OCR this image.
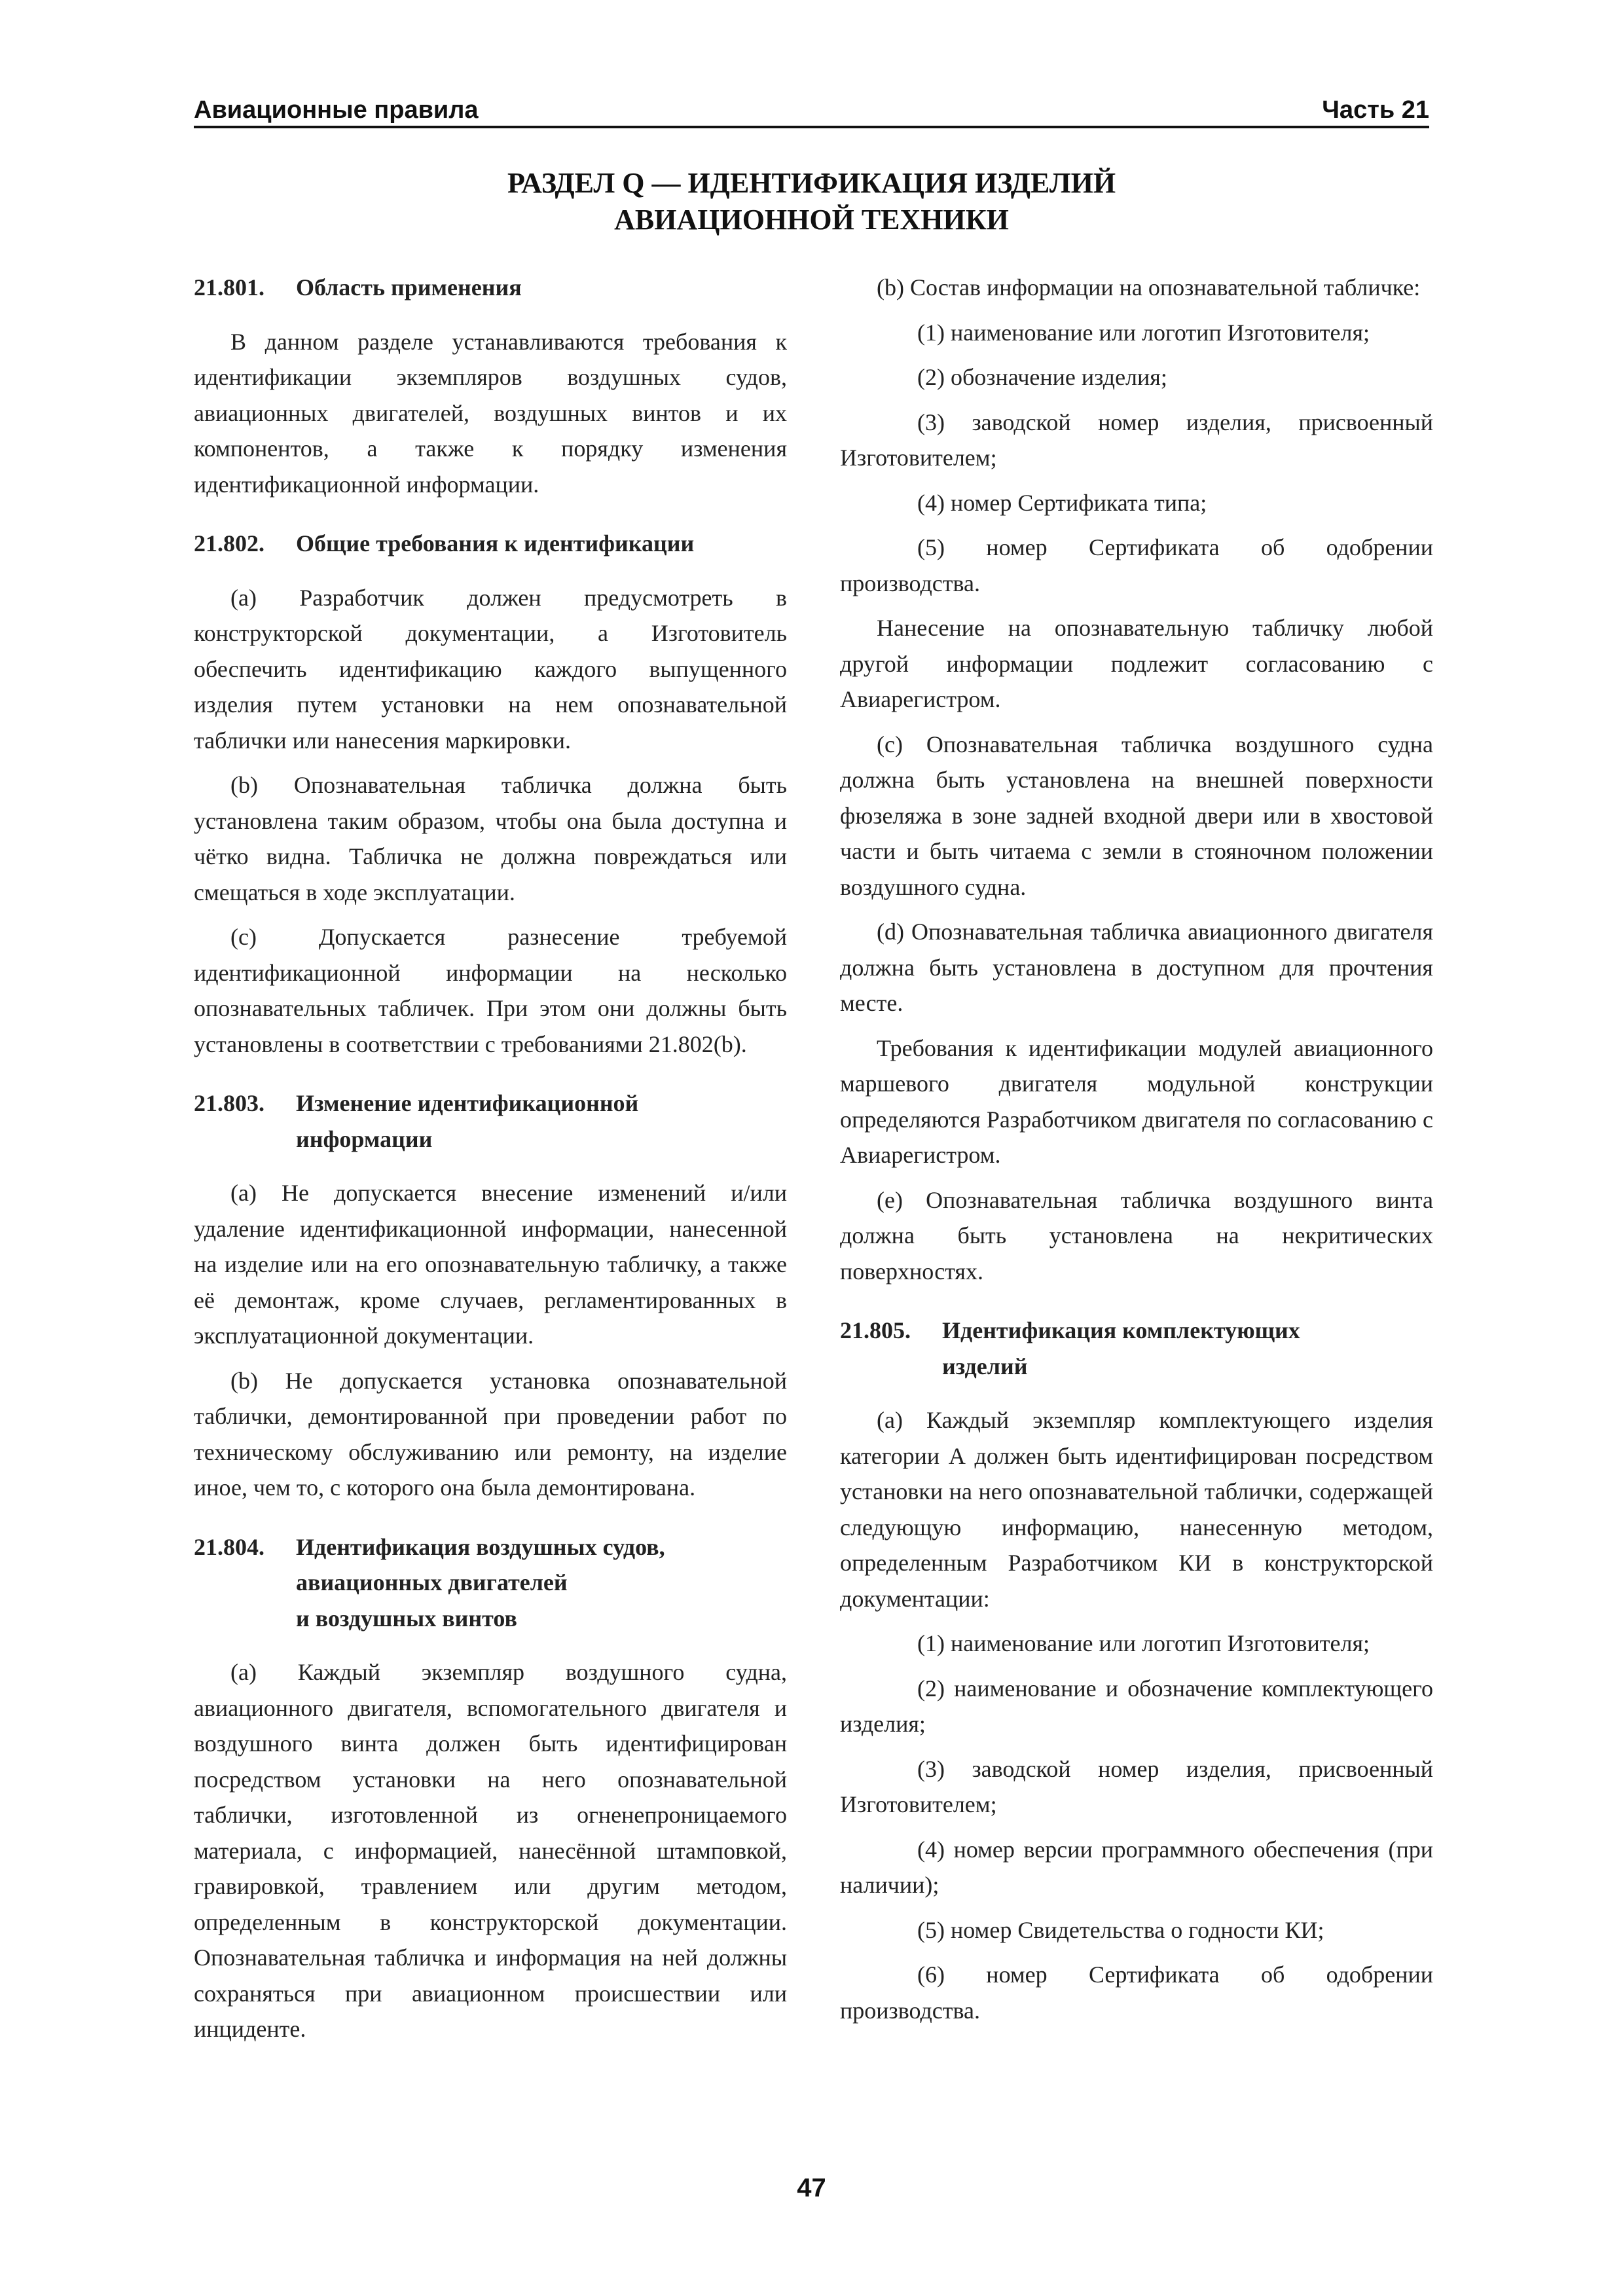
Авиационные правила	Часть 21
РАЗДЕЛ Q — ИДЕНТИФИКАЦИЯ ИЗДЕЛИЙ
АВИАЦИОННОЙ ТЕХНИКИ
21.801.	Область применения

В данном разделе устанавливаются требования к идентификации экземпляров воздушных судов, авиационных двигателей, воздушных винтов и их компонентов, а также к порядку изменения идентификационной информации.

21.802.	Общие требования к идентификации

(a) Разработчик должен предусмотреть в конструкторской документации, а Изготовитель обеспечить идентификацию каждого выпущенного изделия путем установки на нем опознавательной таблички или нанесения маркировки.

(b) Опознавательная табличка должна быть установлена таким образом, чтобы она была доступна и чётко видна. Табличка не должна повреждаться или смещаться в ходе эксплуатации.

(c) Допускается разнесение требуемой идентификационной информации на несколько опознавательных табличек. При этом они должны быть установлены в соответствии с требованиями 21.802(b).

21.803.	Изменение идентификационной
информации

(a) Не допускается внесение изменений и/или удаление идентификационной информации, нанесенной на изделие или на его опознавательную табличку, а также её демонтаж, кроме случаев, регламентированных в эксплуатационной документации.

(b) Не допускается установка опознавательной таблички, демонтированной при проведении работ по техническому обслуживанию или ремонту, на изделие иное, чем то, с которого она была демонтирована.

21.804.	Идентификация воздушных судов,
авиационных двигателей
и воздушных винтов

(a) Каждый экземпляр воздушного судна, авиационного двигателя, вспомогательного двигателя и воздушного винта должен быть идентифицирован посредством установки на него опознавательной таблички, изготовленной из огненепроницаемого материала, с информацией, нанесённой штамповкой, гравировкой, травлением или другим методом, определенным в конструкторской документации. Опознавательная табличка и информация на ней должны сохраняться при авиационном происшествии или инциденте.

(b) Состав информации на опознавательной табличке:

(1) наименование или логотип Изготовителя;

(2) обозначение изделия;

(3) заводской номер изделия, присвоенный Изготовителем;

(4) номер Сертификата типа;

(5) номер Сертификата об одобрении производства.

Нанесение на опознавательную табличку любой другой информации подлежит согласованию с Авиарегистром.

(c) Опознавательная табличка воздушного судна должна быть установлена на внешней поверхности фюзеляжа в зоне задней входной двери или в хвостовой части и быть читаема с земли в стояночном положении воздушного судна.

(d) Опознавательная табличка авиационного двигателя должна быть установлена в доступном для прочтения месте.

Требования к идентификации модулей авиационного маршевого двигателя модульной конструкции определяются Разработчиком двигателя по согласованию с Авиарегистром.

(e) Опознавательная табличка воздушного винта должна быть установлена на некритических поверхностях.

21.805.	Идентификация комплектующих
изделий

(a) Каждый экземпляр комплектующего изделия категории А должен быть идентифицирован посредством установки на него опознавательной таблички, содержащей следующую информацию, нанесенную методом, определенным Разработчиком КИ в конструкторской документации:

(1) наименование или логотип Изготовителя;

(2) наименование и обозначение комплектующего изделия;

(3) заводской номер изделия, присвоенный Изготовителем;

(4) номер версии программного обеспечения (при наличии);

(5) номер Свидетельства о годности КИ;

(6) номер Сертификата об одобрении производства.

47
